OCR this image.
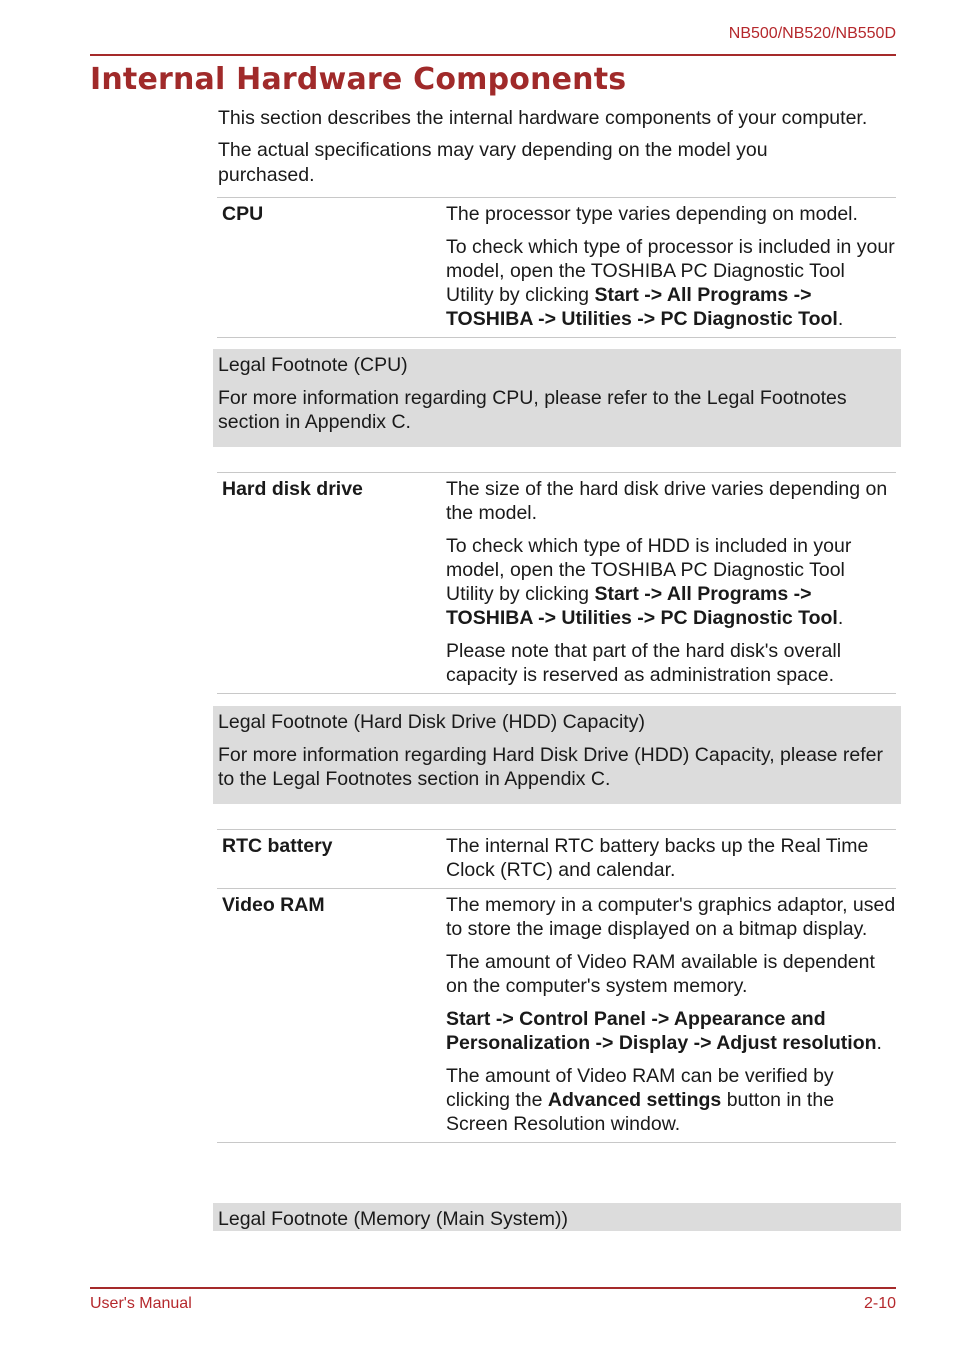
NB500/NB520/NB550D
Internal Hardware Components

This section describes the internal hardware components of your computer.

The actual specifications may vary depending on the model you purchased.

CPU	The processor type varies depending on model.

To check which type of processor is included in your model, open the TOSHIBA PC Diagnostic Tool Utility by clicking Start -> All Programs -> TOSHIBA -> Utilities -> PC Diagnostic Tool.

Legal Footnote (CPU)

For more information regarding CPU, please refer to the Legal Footnotes section in Appendix C.

Hard disk drive	The size of the hard disk drive varies depending on the model.

To check which type of HDD is included in your model, open the TOSHIBA PC Diagnostic Tool Utility by clicking Start -> All Programs -> TOSHIBA -> Utilities -> PC Diagnostic Tool.

Please note that part of the hard disk's overall capacity is reserved as administration space.

Legal Footnote (Hard Disk Drive (HDD) Capacity)

For more information regarding Hard Disk Drive (HDD) Capacity, please refer to the Legal Footnotes section in Appendix C.

RTC battery	The internal RTC battery backs up the Real Time Clock (RTC) and calendar.

Video RAM	The memory in a computer's graphics adaptor, used to store the image displayed on a bitmap display.

The amount of Video RAM available is dependent on the computer's system memory.

Start -> Control Panel -> Appearance and Personalization -> Display -> Adjust resolution.

The amount of Video RAM can be verified by clicking the Advanced settings button in the Screen Resolution window.

Legal Footnote (Memory (Main System))

User's Manual	2-10
